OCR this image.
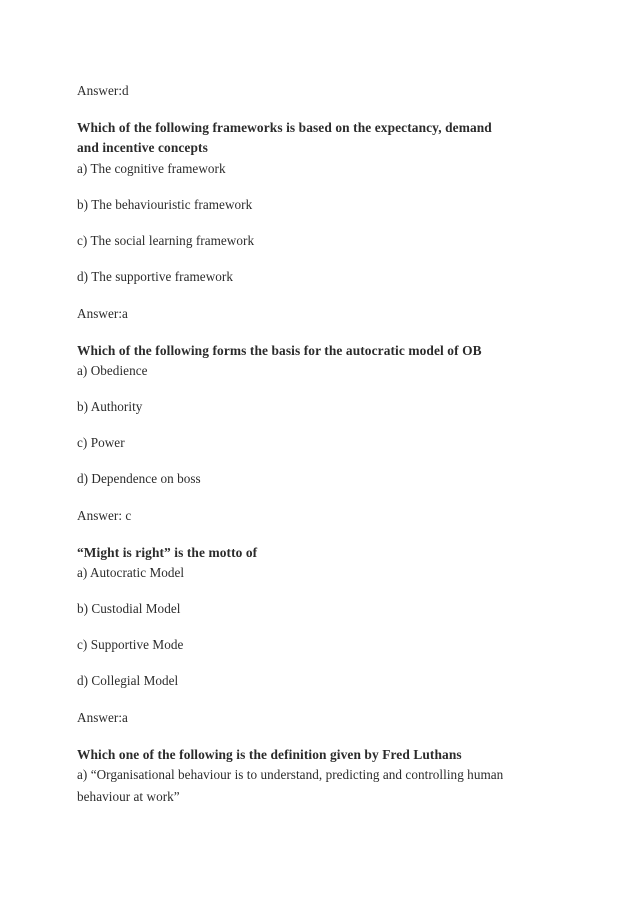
Answer:d
Which of the following frameworks is based on the expectancy, demand
and incentive concepts
a) The cognitive framework
b) The behaviouristic framework
c) The social learning framework
d) The supportive framework
Answer:a
Which of the following forms the basis for the autocratic model of OB
a) Obedience
b) Authority
c) Power
d) Dependence on boss
Answer: c
“Might is right” is the motto of
a) Autocratic Model
b) Custodial Model
c) Supportive Mode
d) Collegial Model
Answer:a
Which one of the following is the definition given by Fred Luthans
a) “Organisational behaviour is to understand, predicting and controlling human
behaviour at work”
